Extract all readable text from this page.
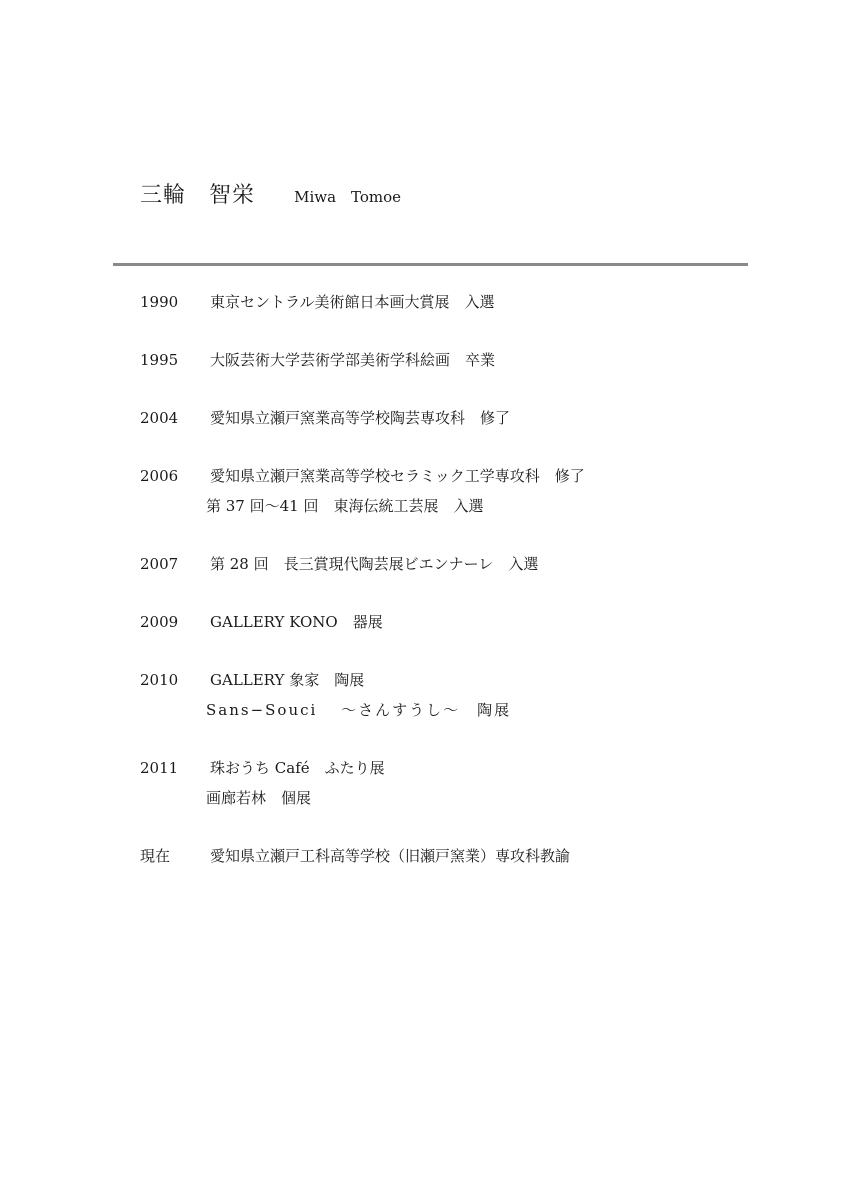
三輪　智栄	Miwa　Tomoe
1990	東京セントラル美術館日本画大賞展　入選
1995	大阪芸術大学芸術学部美術学科絵画　卒業
2004	愛知県立瀬戸窯業高等学校陶芸専攻科　修了
2006	愛知県立瀬戸窯業高等学校セラミック工学専攻科　修了
第 37 回～41 回　東海伝統工芸展　入選
2007	第 28 回　長三賞現代陶芸展ビエンナーレ　入選
2009	GALLERY KONO　器展
2010	GALLERY 象家　陶展
Sans−Souci　 ～さんすうし～　陶展
2011	珠おうち Café　ふたり展
画廊若林　個展
現在	愛知県立瀬戸工科高等学校（旧瀬戸窯業）専攻科教諭
